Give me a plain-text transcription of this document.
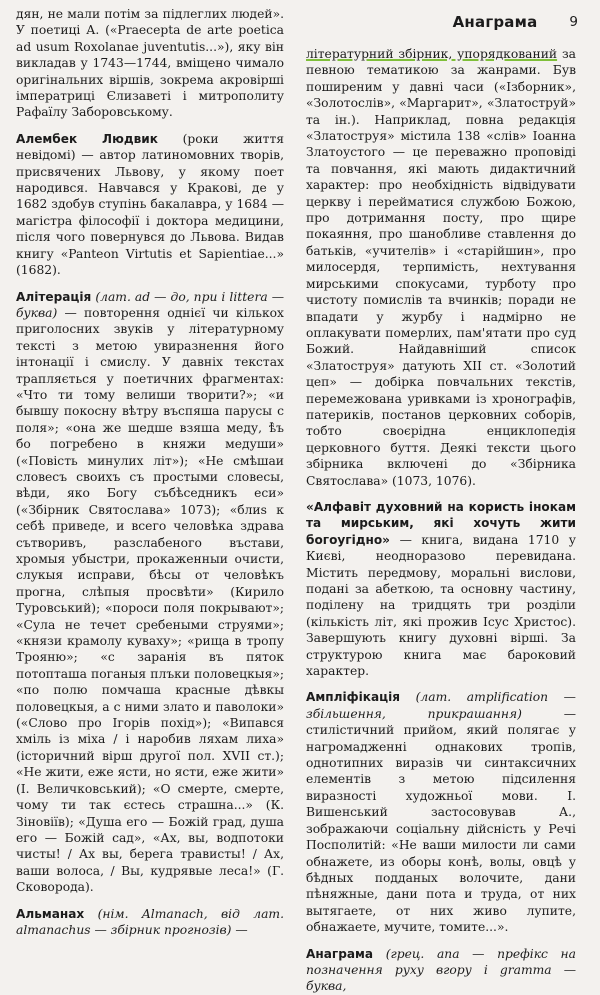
Анаграма 9

дян, не мали потім за підлеглих людей». У поетиці А. («Praecepta de arte poetica ad usum Roxolanae juventutis...»), яку він викладав у 1743—1744, вміщено чимало оригінальних віршів, зокрема акровірші імператриці Єлизаветі і митрополиту Рафаїлу Заборовському.

Алембек Людвик (роки життя невідомі) — автор латиномовних творів, присвячених Львову, у якому поет народився. Навчався у Кракові, де у 1682 здобув ступінь бакалавра, у 1684 — магістра філософії і доктора медицини, після чого повернувся до Львова. Видав книгу «Panteon Virtutis et Sapientiae...» (1682).

Алітерація (лат. ad — до, при і littera — буква) — повторення однієї чи кількох приголосних звуків у літературному тексті з метою увиразнення його інтонації і смислу. У давніх текстах трапляється у поетичних фрагментах: «Что ти тому велиши творити?»; «и бывшу покосну вѣтру въспяша парусы с поля»; «она же шедше взяша меду, ѣ̀ъ бо погребено в княжи медуши» («Повість минулих літ»); «Не смѣшаи словесъ своихъ съ простыми словесы, вѣди, яко Богу събѣседникъ еси» («Збірник Святослава» 1073); «блиѕ к себѣ приведе, и всего человѣка здрава сътворивъ, разслабеного въстави, хромыя убыстри, прокаженныи очисти, слукыя исправи, бѣсы от человѣкъ прогна, слѣпыя просвѣти» (Кирило Туровський); «пороси поля покрывают»; «Сула не течет сребеными струями»; «князи крамолу куваху»; «рища в тропу Трояню»; «с заранія въ пяток потопташа поганыя плъки половецкыя»; «по полю помчаша красные дѣвкы половецкыя, а с ними злато и паволоки» («Слово про Ігорів похід»); «Випався хміль із міха / і наробив ляхам лиха» (історичний вірш другої пол. XVII ст.); «Не жити, еже ясти, но ясти, еже жити» (І. Величковський); «О смерте, смерте, чому ти так єстесь страшна...» (К. Зіновіїв); «Душа его — Божій град, душа его — Божій сад», «Ах, вы, водпотоки чисты! / Ах вы, берега трависты! / Ах, ваши волоса, / Вы, кудрявые леса!» (Г. Сковорода).

Альманах (нім. Almanach, від лат. almanachus — збірник прогнозів) —

літературний збірник, упорядкований за певною тематикою за жанрами. Був поширеним у давні часи («Ізборник», «Золотослів», «Маргарит», «Златоструй» та ін.). Наприклад, повна редакція «Златоструя» містила 138 «слів» Іоанна Златоустого — це переважно проповіді та повчання, які мають дидактичний характер: про необхідність відвідувати церкву і перейматися службою Божою, про дотримання посту, про щире покаяння, про шанобливе ставлення до батьків, «учителів» і «старійшин», про милосердя, терпимість, нехтування мирськими спокусами, турботу про чистоту помислів та вчинків; поради не впадати у журбу і надмірно не оплакувати померлих, пам'ятати про суд Божий. Найдавніший список «Златоструя» датують XII ст. «Золотий цеп» — добірка повчальних текстів, перемежована уривками із хронографів, патериків, постанов церковних соборів, тобто своєрідна енциклопедія церковного буття. Деякі тексти цього збірника включені до «Збірника Святослава» (1073, 1076).

«Алфавіт духовний на користь інокам та мирським, які хочуть жити богоугідно» — книга, видана 1710 у Києві, неодноразово перевидана. Містить передмову, моральні вислови, подані за абеткою, та основну частину, поділену на тридцять три розділи (кількість літ, які прожив Ісус Христос). Завершують книгу духовні вірші. За структурою книга має бароковий характер.

Ампліфікація (лат. amplification — збільшення, прикрашання)	— стилістичний прийом, який полягає у нагромадженні однакових тропів, однотипних виразів чи синтаксичних елементів з метою підсилення виразності художньої мови. І. Вишенський застосовував А., зображаючи соціальну дійсність у Речі Посполитій: «Не ваши милости ли сами обнажете, из оборы конѣ, волы, овцѣ у бѣдных подданых волочите, дани пѣняжные, дани пота и труда, от них вытягаете, от них живо лупите, обнажаете, мучите, томите...».

Анаграма (грец. ana — префікс на позначення руху вгору і gramma — буква,
